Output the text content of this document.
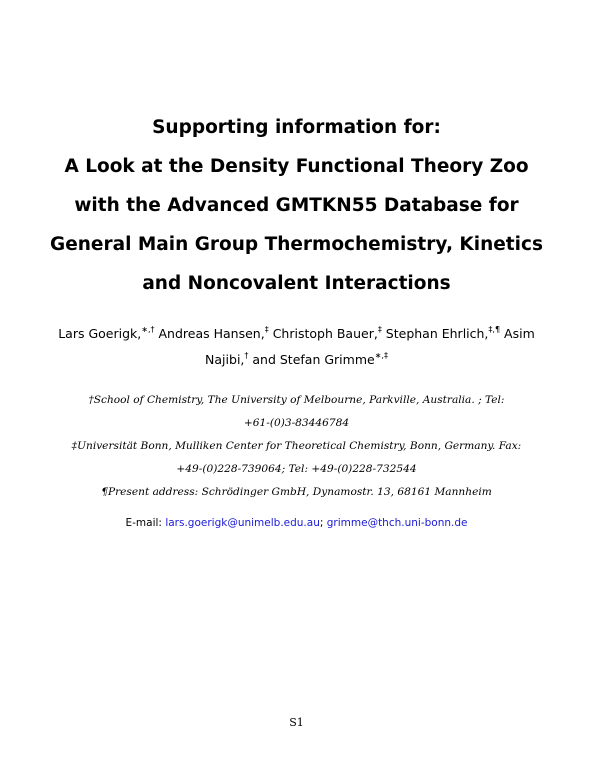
Supporting information for:
A Look at the Density Functional Theory Zoo
with the Advanced GMTKN55 Database for
General Main Group Thermochemistry, Kinetics
and Noncovalent Interactions
Lars Goerigk,∗,† Andreas Hansen,‡ Christoph Bauer,‡ Stephan Ehrlich,‡,¶ Asim Najibi,† and Stefan Grimme∗,‡
†School of Chemistry, The University of Melbourne, Parkville, Australia. ; Tel:
+61-(0)3-83446784
‡Universität Bonn, Mulliken Center for Theoretical Chemistry, Bonn, Germany. Fax:
+49-(0)228-739064; Tel: +49-(0)228-732544
¶Present address: Schrödinger GmbH, Dynamostr. 13, 68161 Mannheim
E-mail: lars.goerigk@unimelb.edu.au; grimme@thch.uni-bonn.de
S1
